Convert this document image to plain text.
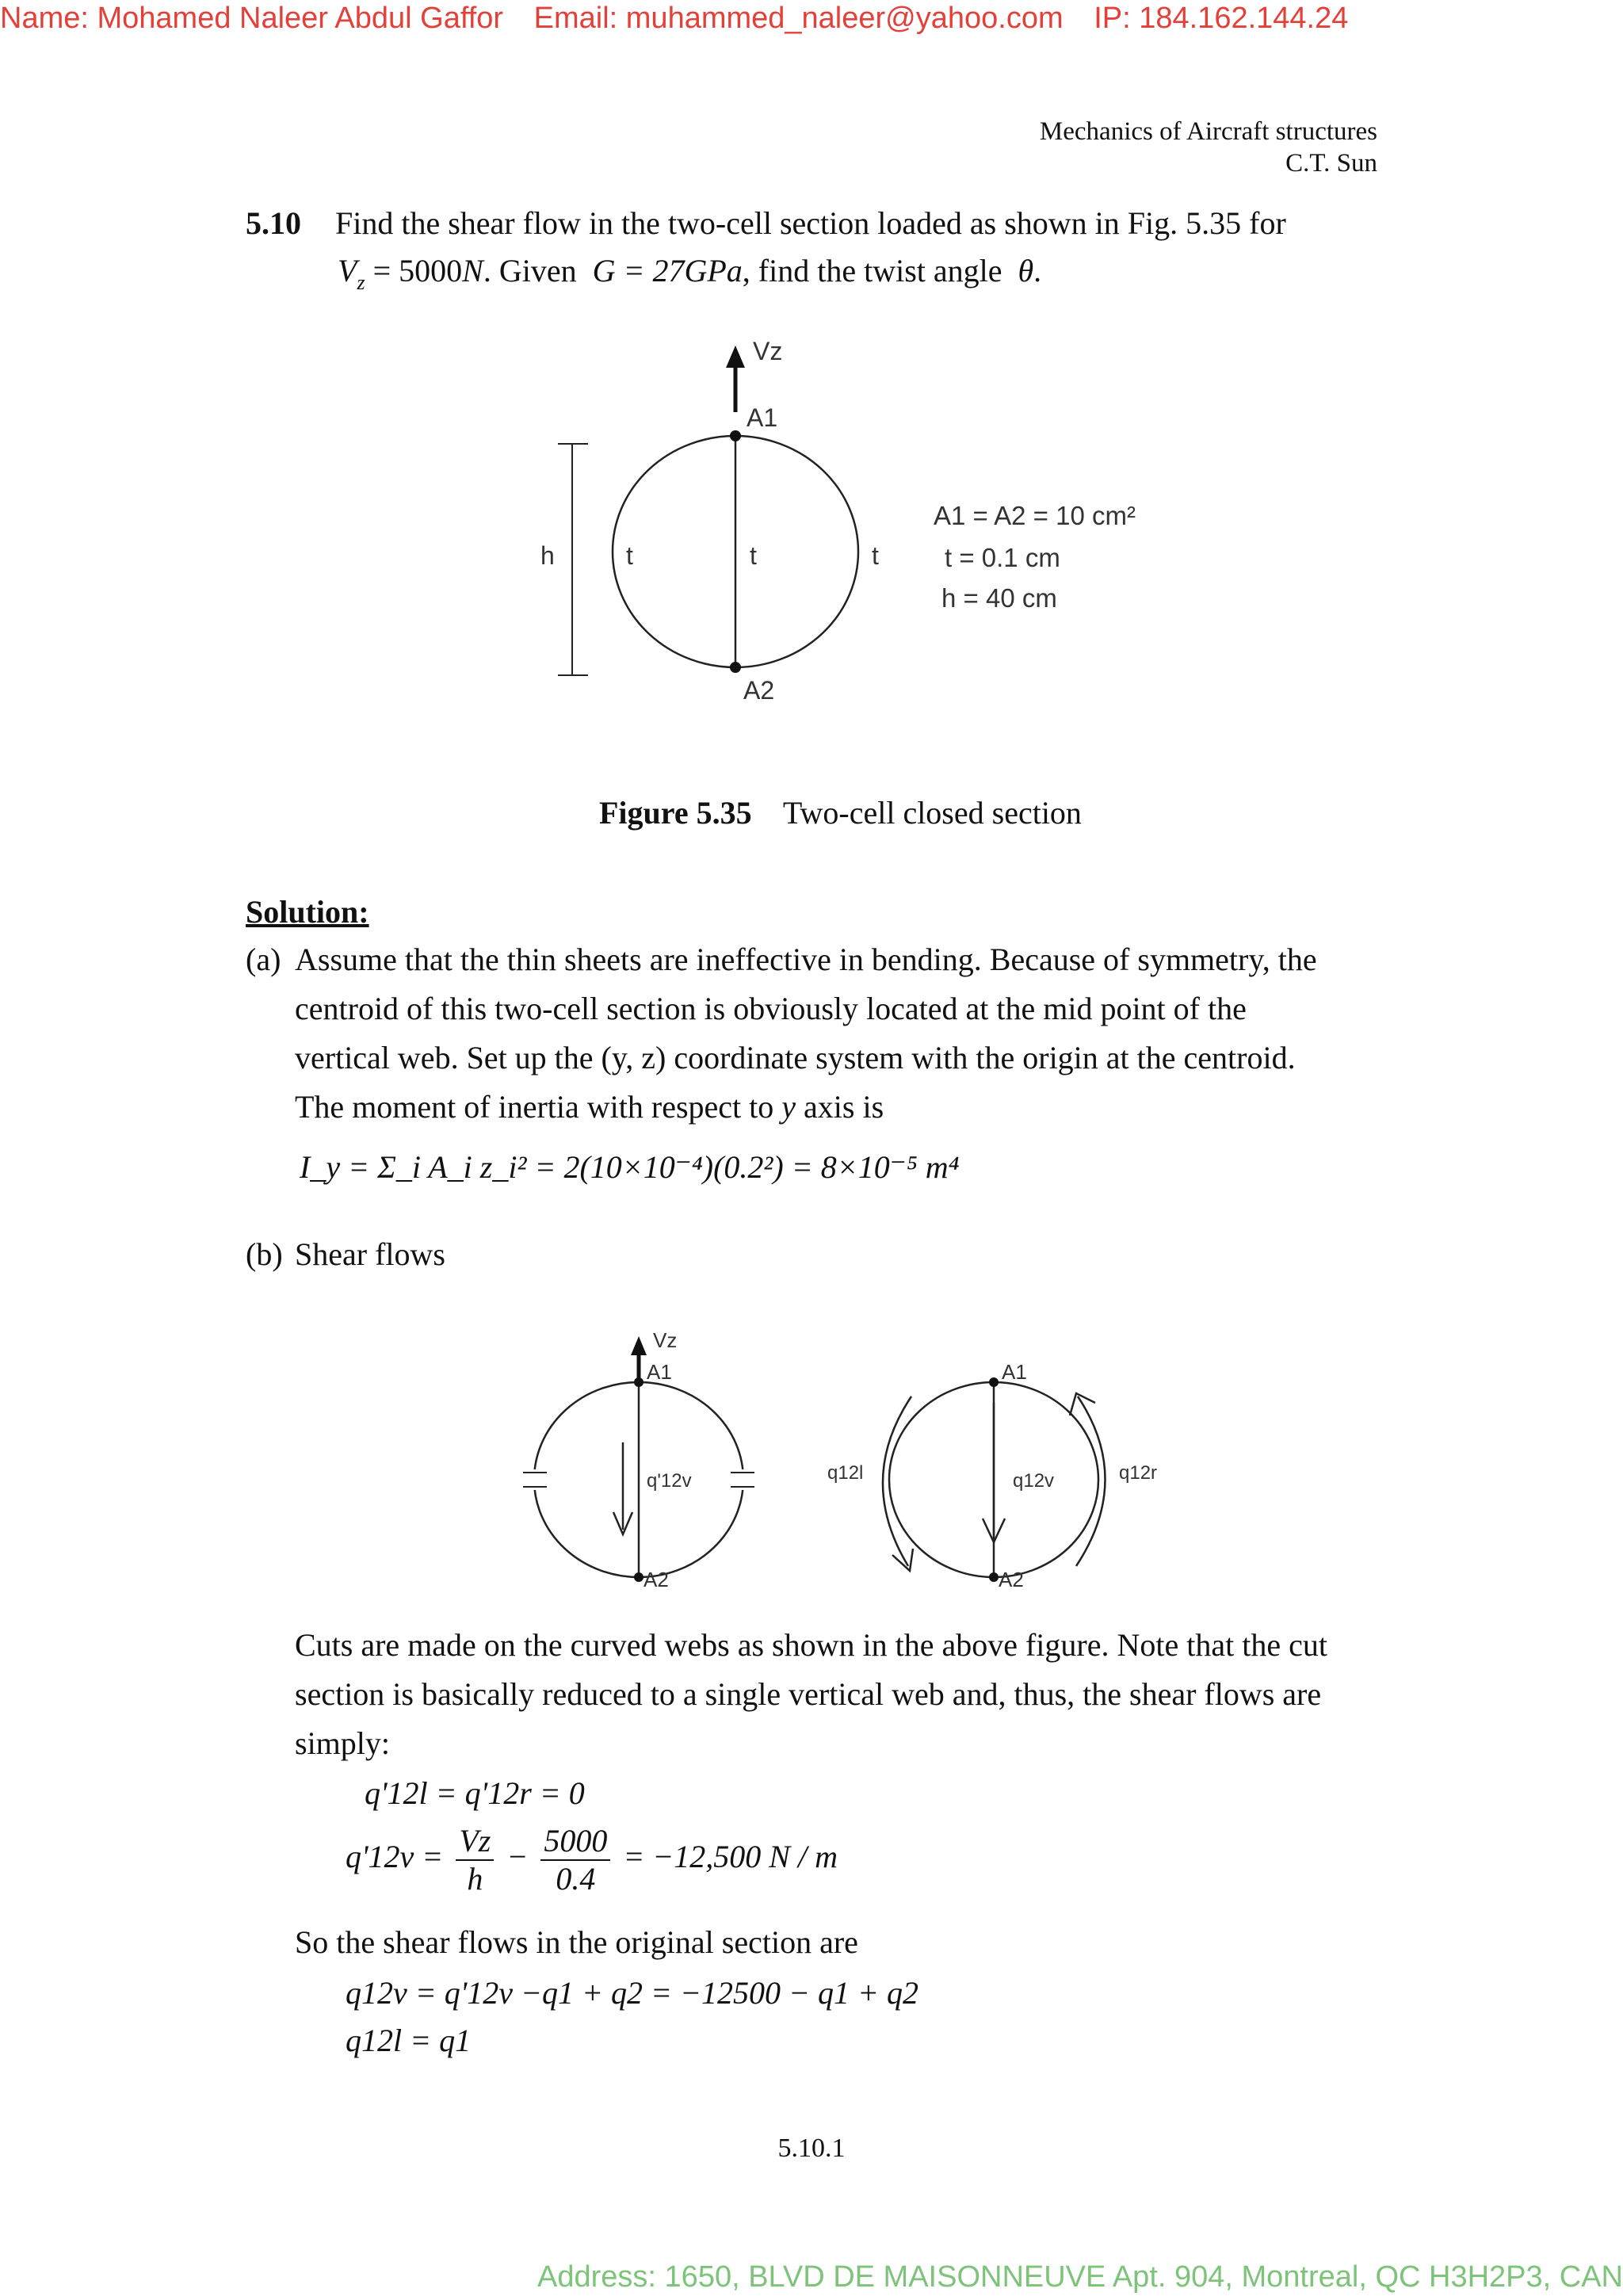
Name: Mohamed Naleer Abdul Gaffor Email: muhammed_naleer@yahoo.com IP: 184.162.144.24
Mechanics of Aircraft structures
C.T. Sun
5.10 Find the shear flow in the two-cell section loaded as shown in Fig. 5.35 for
$V_z = 5000N$. Given G = 27GPa, find the twist angle θ.
Vz
A1
A2
h	t	t	t
A1 = A2 = 10 cm²
t = 0.1 cm
h = 40 cm
Figure 5.35 Two-cell closed section
Solution:
(a) Assume that the thin sheets are ineffective in bending. Because of symmetry, the
centroid of this two-cell section is obviously located at the mid point of the
vertical web. Set up the (y, z) coordinate system with the origin at the centroid.
The moment of inertia with respect to y axis is
I_y = Σ_i A_i z_i² = 2(10×10⁻⁴)(0.2²) = 8×10⁻⁵ m⁴
(b) Shear flows
Vz
A1
A2
q'12v
A1
A2
q12v
q12l	q12r
Cuts are made on the curved webs as shown in the above figure. Note that the cut
section is basically reduced to a single vertical web and, thus, the shear flows are
simply:
q'12l = q'12r = 0
$q'12v = \frac{Vz}{h} - \frac{5000}{0.4} = -12,500$ N / m
So the shear flows in the original section are
q12v = q'12v −q1 + q2 = −12500 − q1 + q2
q12l = q1
5.10.1
Address: 1650, BLVD DE MAISONNEUVE Apt. 904, Montreal, QC H3H2P3, CAN
